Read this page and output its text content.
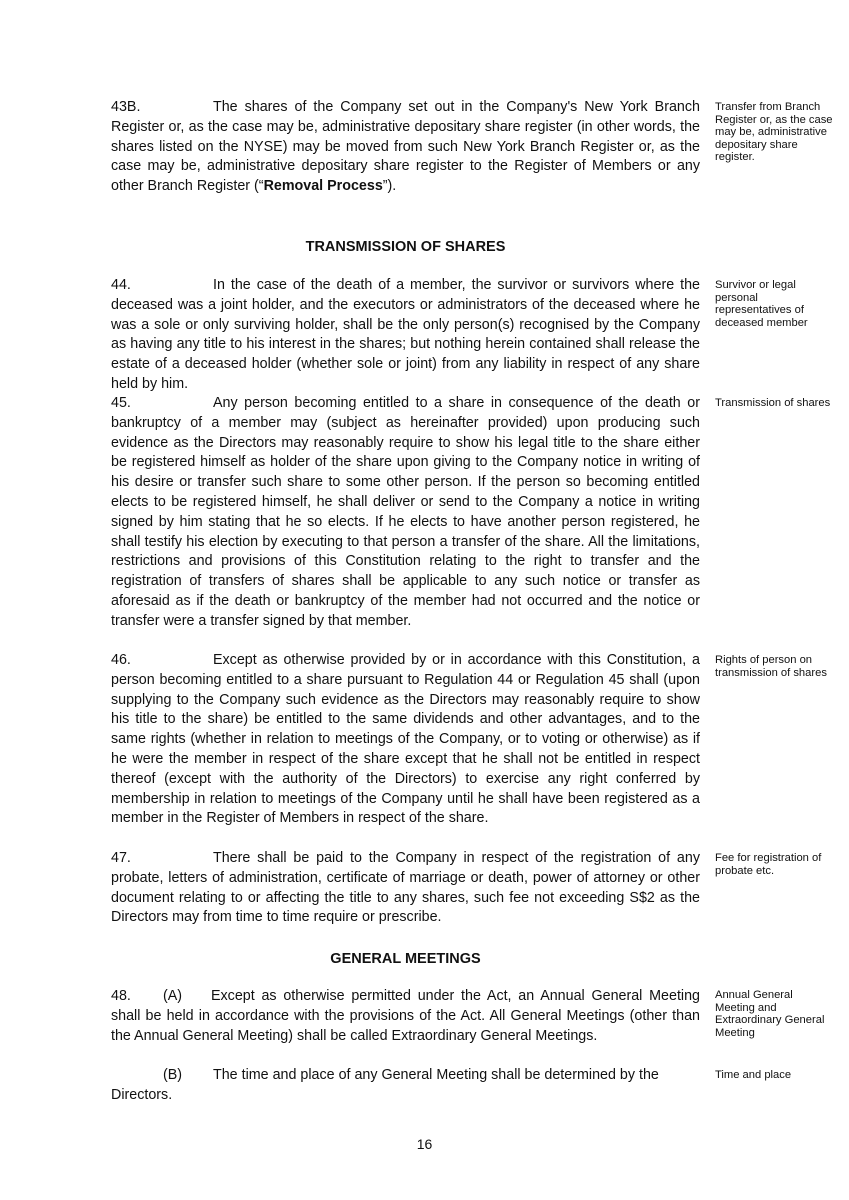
43B.	The shares of the Company set out in the Company's New York Branch Register or, as the case may be, administrative depositary share register (in other words, the shares listed on the NYSE) may be moved from such New York Branch Register or, as the case may be, administrative depositary share register to the Register of Members or any other Branch Register (“Removal Process”).

Transfer from Branch Register or, as the case may be, administrative depositary share register.

TRANSMISSION OF SHARES

44.	In the case of the death of a member, the survivor or survivors where the deceased was a joint holder, and the executors or administrators of the deceased where he was a sole or only surviving holder, shall be the only person(s) recognised by the Company as having any title to his interest in the shares; but nothing herein contained shall release the estate of a deceased holder (whether sole or joint) from any liability in respect of any share held by him.

Survivor or legal personal representatives of deceased member

45.	Any person becoming entitled to a share in consequence of the death or bankruptcy of a member may (subject as hereinafter provided) upon producing such evidence as the Directors may reasonably require to show his legal title to the share either be registered himself as holder of the share upon giving to the Company notice in writing of his desire or transfer such share to some other person. If the person so becoming entitled elects to be registered himself, he shall deliver or send to the Company a notice in writing signed by him stating that he so elects. If he elects to have another person registered, he shall testify his election by executing to that person a transfer of the share. All the limitations, restrictions and provisions of this Constitution relating to the right to transfer and the registration of transfers of shares shall be applicable to any such notice or transfer as aforesaid as if the death or bankruptcy of the member had not occurred and the notice or transfer were a transfer signed by that member.

Transmission of shares

46.	Except as otherwise provided by or in accordance with this Constitution, a person becoming entitled to a share pursuant to Regulation 44 or Regulation 45 shall (upon supplying to the Company such evidence as the Directors may reasonably require to show his title to the share) be entitled to the same dividends and other advantages, and to the same rights (whether in relation to meetings of the Company, or to voting or otherwise) as if he were the member in respect of the share except that he shall not be entitled in respect thereof (except with the authority of the Directors) to exercise any right conferred by membership in relation to meetings of the Company until he shall have been registered as a member in the Register of Members in respect of the share.

Rights of person on transmission of shares

47.	There shall be paid to the Company in respect of the registration of any probate, letters of administration, certificate of marriage or death, power of attorney or other document relating to or affecting the title to any shares, such fee not exceeding S$2 as the Directors may from time to time require or prescribe.

Fee for registration of probate etc.

GENERAL MEETINGS

48. (A) Except as otherwise permitted under the Act, an Annual General Meeting shall be held in accordance with the provisions of the Act. All General Meetings (other than the Annual General Meeting) shall be called Extraordinary General Meetings.

Annual General Meeting and Extraordinary General Meeting

(B) The time and place of any General Meeting shall be determined by the Directors.

Time and place

16
